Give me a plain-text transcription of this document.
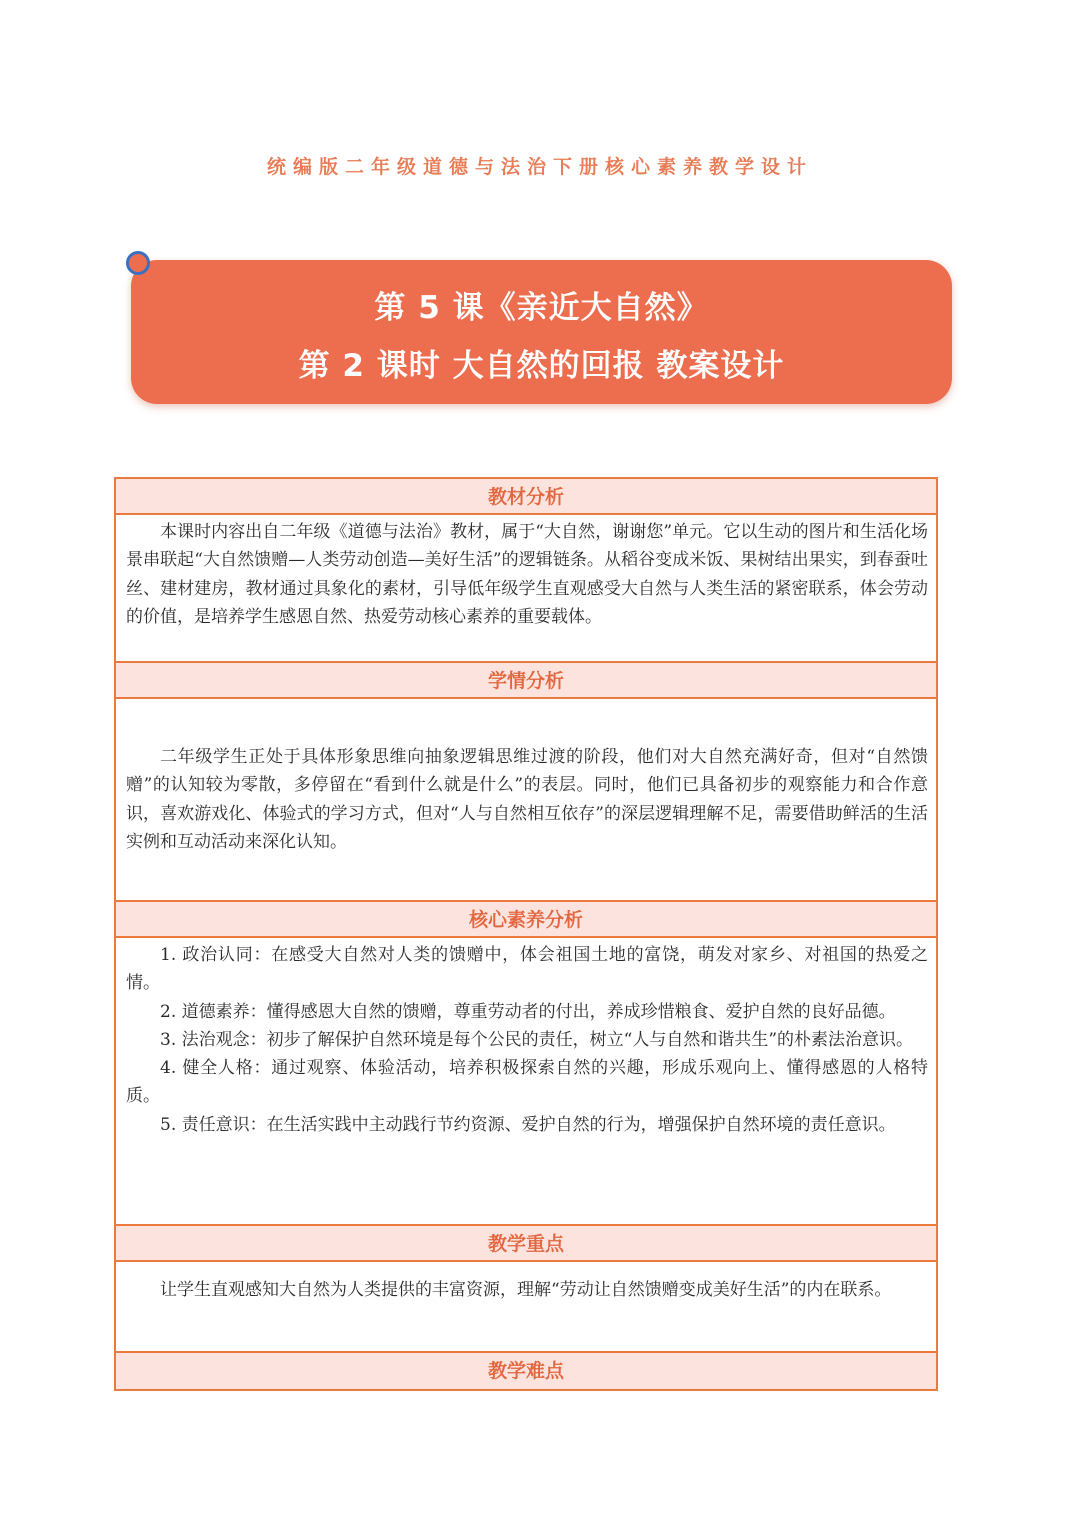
统编版二年级道德与法治下册核心素养教学设计
第 5 课《亲近大自然》
第 2 课时 大自然的回报 教案设计
教材分析

本课时内容出自二年级《道德与法治》教材，属于“大自然，谢谢您”单元。它以生动的图片和生活化场景串联起“大自然馈赠—人类劳动创造—美好生活”的逻辑链条。从稻谷变成米饭、果树结出果实，到春蚕吐丝、建材建房，教材通过具象化的素材，引导低年级学生直观感受大自然与人类生活的紧密联系，体会劳动的价值，是培养学生感恩自然、热爱劳动核心素养的重要载体。

学情分析

二年级学生正处于具体形象思维向抽象逻辑思维过渡的阶段，他们对大自然充满好奇，但对“自然馈赠”的认知较为零散，多停留在“看到什么就是什么”的表层。同时，他们已具备初步的观察能力和合作意识，喜欢游戏化、体验式的学习方式，但对“人与自然相互依存”的深层逻辑理解不足，需要借助鲜活的生活实例和互动活动来深化认知。

核心素养分析

1. 政治认同：在感受大自然对人类的馈赠中，体会祖国土地的富饶，萌发对家乡、对祖国的热爱之情。

2. 道德素养：懂得感恩大自然的馈赠，尊重劳动者的付出，养成珍惜粮食、爱护自然的良好品德。

3. 法治观念：初步了解保护自然环境是每个公民的责任，树立“人与自然和谐共生”的朴素法治意识。

4. 健全人格：通过观察、体验活动，培养积极探索自然的兴趣，形成乐观向上、懂得感恩的人格特质。

5. 责任意识：在生活实践中主动践行节约资源、爱护自然的行为，增强保护自然环境的责任意识。

教学重点

让学生直观感知大自然为人类提供的丰富资源，理解“劳动让自然馈赠变成美好生活”的内在联系。

教学难点
